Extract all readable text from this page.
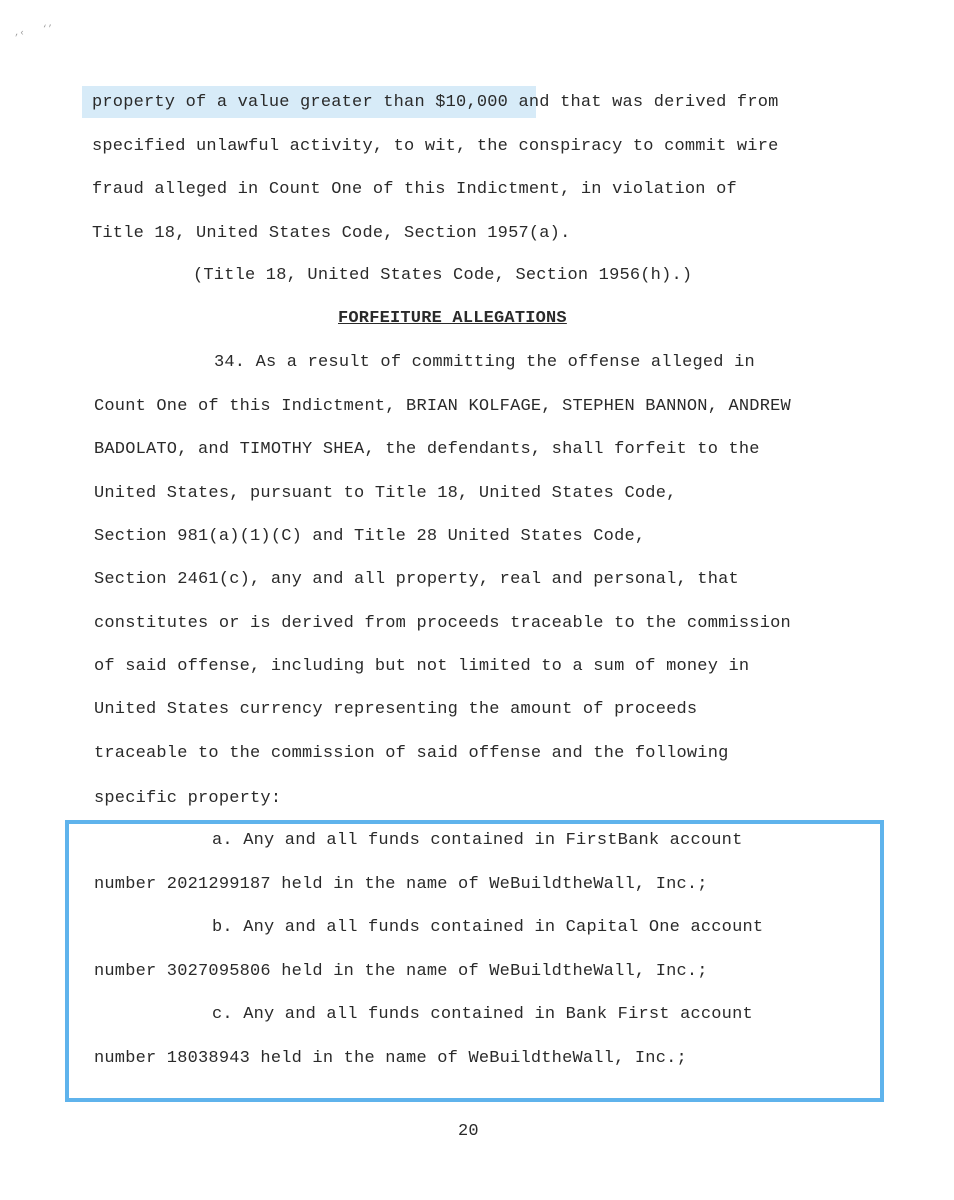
‚‹ ‘’
property of a value greater than $10,000 and that was derived from
specified unlawful activity, to wit, the conspiracy to commit wire
fraud alleged in Count One of this Indictment, in violation of
Title 18, United States Code, Section 1957(a).
(Title 18, United States Code, Section 1956(h).)
FORFEITURE ALLEGATIONS
34. As a result of committing the offense alleged in
Count One of this Indictment, BRIAN KOLFAGE, STEPHEN BANNON, ANDREW
BADOLATO, and TIMOTHY SHEA, the defendants, shall forfeit to the
United States, pursuant to Title 18, United States Code,
Section 981(a)(1)(C) and Title 28 United States Code,
Section 2461(c), any and all property, real and personal, that
constitutes or is derived from proceeds traceable to the commission
of said offense, including but not limited to a sum of money in
United States currency representing the amount of proceeds
traceable to the commission of said offense and the following
specific property:
a. Any and all funds contained in FirstBank account
number 2021299187 held in the name of WeBuildtheWall, Inc.;
b. Any and all funds contained in Capital One account
number 3027095806 held in the name of WeBuildtheWall, Inc.;
c. Any and all funds contained in Bank First account
number 18038943 held in the name of WeBuildtheWall, Inc.;
20
